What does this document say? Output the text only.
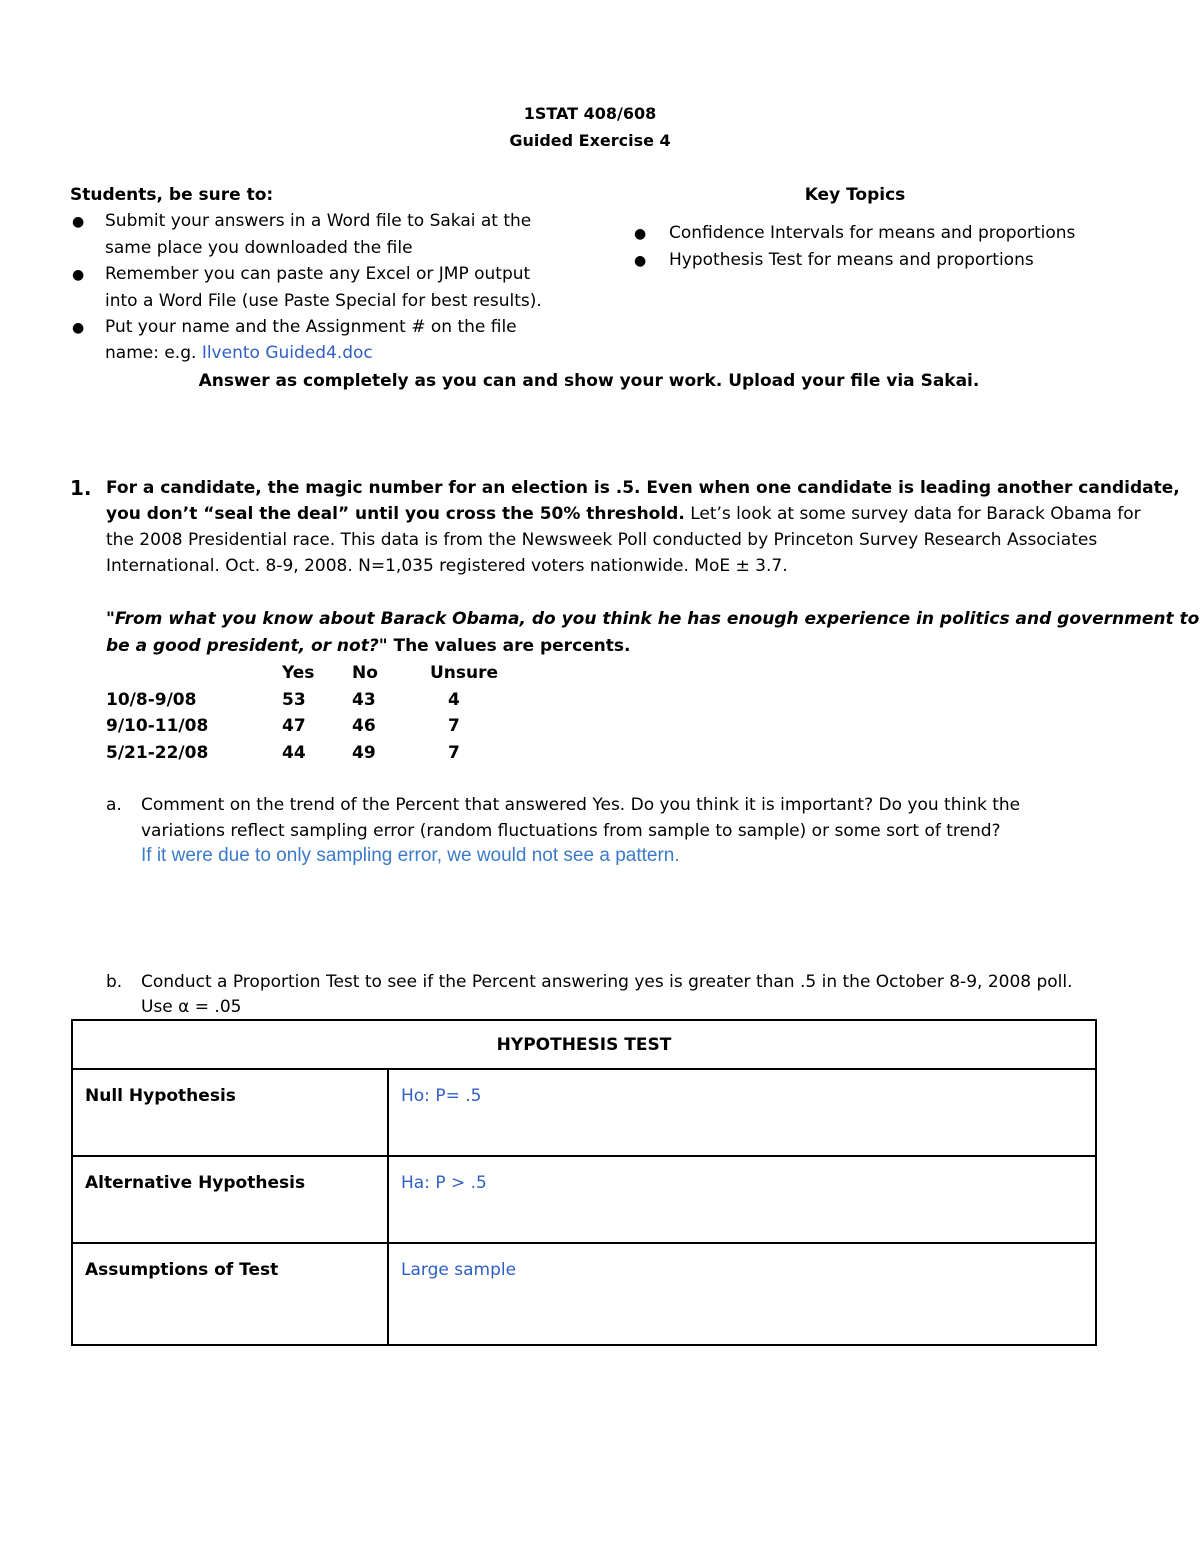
1STAT 408/608
Guided Exercise 4
Students, be sure to:
● Submit your answers in a Word file to Sakai at the
same place you downloaded the file
● Remember you can paste any Excel or JMP output
into a Word File (use Paste Special for best results).
● Put your name and the Assignment # on the file
name: e.g. Ilvento Guided4.doc
Key Topics
● Confidence Intervals for means and proportions
● Hypothesis Test for means and proportions
Answer as completely as you can and show your work. Upload your file via Sakai.
1. For a candidate, the magic number for an election is .5. Even when one candidate is leading another candidate,
you don’t “seal the deal” until you cross the 50% threshold. Let’s look at some survey data for Barack Obama for
the 2008 Presidential race. This data is from the Newsweek Poll conducted by Princeton Survey Research Associates
International. Oct. 8-9, 2008. N=1,035 registered voters nationwide. MoE ± 3.7.
"From what you know about Barack Obama, do you think he has enough experience in politics and government to
be a good president, or not?" The values are percents.
	Yes	No	Unsure
10/8-9/08	53	43	4
9/10-11/08	47	46	7
5/21-22/08	44	49	7
a. Comment on the trend of the Percent that answered Yes. Do you think it is important? Do you think the
variations reflect sampling error (random fluctuations from sample to sample) or some sort of trend?
If it were due to only sampling error, we would not see a pattern.
b. Conduct a Proportion Test to see if the Percent answering yes is greater than .5 in the October 8-9, 2008 poll.
Use α = .05
HYPOTHESIS TEST	
Null Hypothesis	Ho: P= .5
Alternative Hypothesis	Ha: P > .5
Assumptions of Test	Large sample
